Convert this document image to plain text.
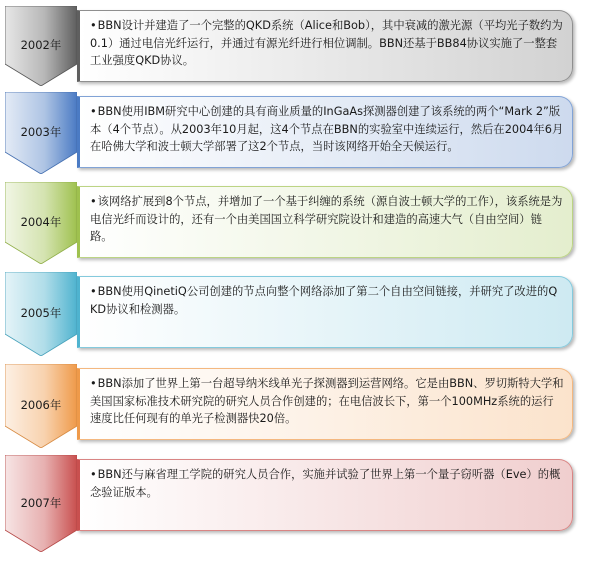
2002年
• BBN设计并建造了一个完整的QKD系统（Alice和Bob），其中衰减的激光源（平均光子数约为0.1）通过电信光纤运行，并通过有源光纤进行相位调制。BBN还基于BB84协议实施了一整套工业强度QKD协议。
2003年
• BBN使用IBM研究中心创建的具有商业质量的InGaAs探测器创建了该系统的两个“Mark 2”版本（4个节点）。从2003年10月起，这4个节点在BBN的实验室中连续运行，然后在2004年6月在哈佛大学和波士顿大学部署了这2个节点，当时该网络开始全天候运行。
2004年
• 该网络扩展到8个节点，并增加了一个基于纠缠的系统（源自波士顿大学的工作），该系统是为电信光纤而设计的，还有一个由美国国立科学研究院设计和建造的高速大气（自由空间）链路。
2005年
• BBN使用QinetiQ公司创建的节点向整个网络添加了第二个自由空间链接，并研究了改进的QKD协议和检测器。
2006年
• BBN添加了世界上第一台超导纳米线单光子探测器到运营网络。它是由BBN、罗切斯特大学和美国国家标准技术研究院的研究人员合作创建的；在电信波长下，第一个100MHz系统的运行速度比任何现有的单光子检测器快20倍。
2007年
• BBN还与麻省理工学院的研究人员合作，实施并试验了世界上第一个量子窃听器（Eve）的概念验证版本。
